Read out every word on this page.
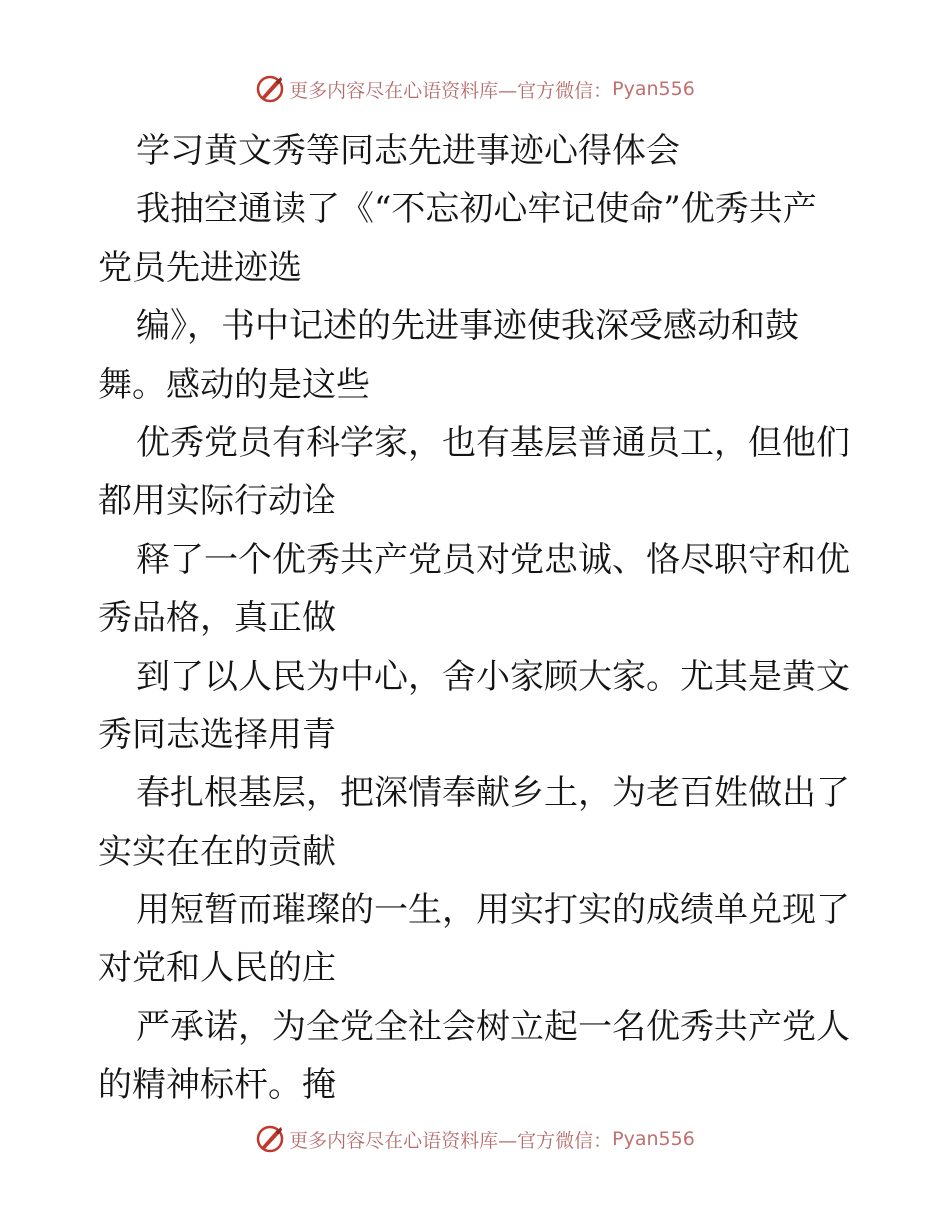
更多内容尽在心语资料库—官方微信： Pyan556
学习黄文秀等同志先进事迹心得体会
我抽空通读了《“不忘初心牢记使命”优秀共产
党员先进迹选
编》，书中记述的先进事迹使我深受感动和鼓
舞。感动的是这些
优秀党员有科学家，也有基层普通员工，但他们
都用实际行动诠
释了一个优秀共产党员对党忠诚、恪尽职守和优
秀品格，真正做
到了以人民为中心，舍小家顾大家。尤其是黄文
秀同志选择用青
春扎根基层，把深情奉献乡土，为老百姓做出了
实实在在的贡献
用短暂而璀璨的一生，用实打实的成绩单兑现了
对党和人民的庄
严承诺，为全党全社会树立起一名优秀共产党人
的精神标杆。掩
更多内容尽在心语资料库—官方微信： Pyan556
